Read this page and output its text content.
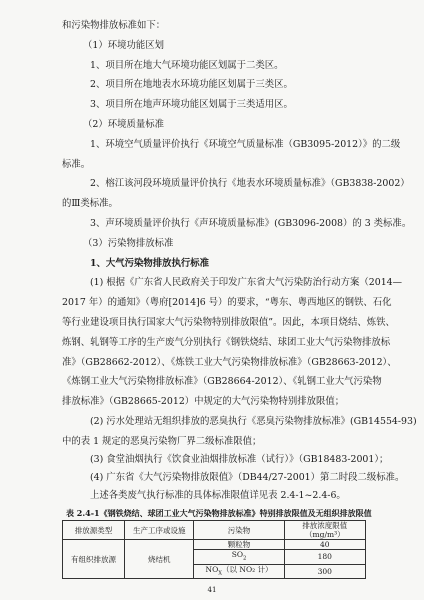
和污染物排放标准如下：
（1）环境功能区划
1、项目所在地大气环境功能区划属于二类区。
2、项目所在地地表水环境功能区划属于三类区。
3、项目所在地声环境功能区划属于三类适用区。
（2）环境质量标准
1、环境空气质量评价执行《环境空气质量标准（GB3095-2012）》的二级
标准。
2、榕江该河段环境质量评价执行《地表水环境质量标准》（GB3838-2002）
的Ⅲ类标准。
3、声环境质量评价执行《声环境质量标准》(GB3096-2008）的 3 类标准。
（3）污染物排放标准
1、大气污染物排放执行标准
(1) 根据《广东省人民政府关于印发广东省大气污染防治行动方案（2014—
2017 年）的通知》（粤府[2014]6 号）的要求，“粤东、粤西地区的钢铁、石化
等行业建设项目执行国家大气污染物特别排放限值”。因此，本项目烧结、炼铁、
炼钢、轧钢等工序的生产废气分别执行《钢铁烧结、球团工业大气污染物排放标
准》（GB28662-2012）、《炼铁工业大气污染物排放标准》（GB28663-2012）、
《炼钢工业大气污染物排放标准》（GB28664-2012）、《轧钢工业大气污染物
排放标准》（GB28665-2012）中规定的大气污染物特别排放限值；
(2) 污水处理站无组织排放的恶臭执行《恶臭污染物排放标准》(GB14554-93)
中的表 1 规定的恶臭污染物厂界二级标准限值；
表 2.4-1《钢铁烧结、球团工业大气污染物排放标准》特别排放限值及无组织排放限值
排放源类型	生产工序或设施	污染物	排放浓度限值
（mg/m³）
有组织排放源	烧结机	颗粒物	40
		$SO_2$	180
		$NO_X$（以 NO₂ 计）	300
41
(3) 食堂油烟执行《饮食业油烟排放标准（试行）》（GB18483-2001）；
(4) 广东省《大气污染物排放限值》（DB44/27-2001）第二时段二级标准。
上述各类废气执行标准的具体标准限值详见表 2.4-1~2.4-6。
